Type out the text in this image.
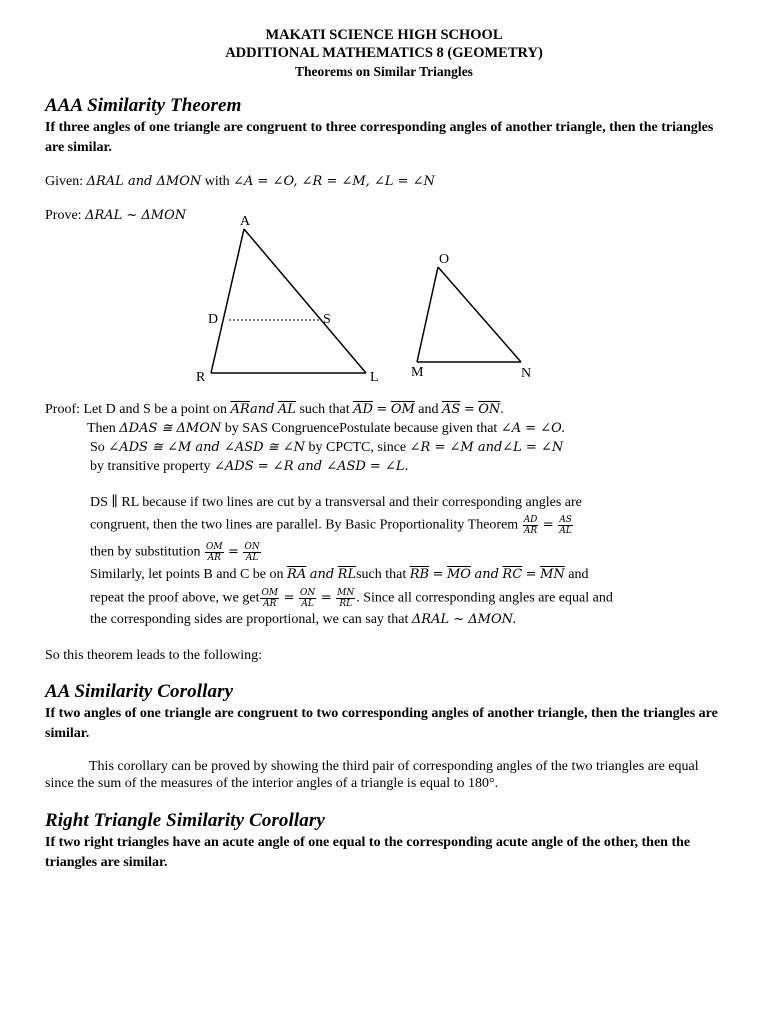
MAKATI SCIENCE HIGH SCHOOL
ADDITIONAL MATHEMATICS 8 (GEOMETRY)
Theorems on Similar Triangles
AAA Similarity Theorem
If three angles of one triangle are congruent to three corresponding angles of another triangle, then the triangles are similar.
Given: ΔRAL and ΔMON with ∠A = ∠O, ∠R = ∠M, ∠L = ∠N
Prove: ΔRAL ~ ΔMON	A
D	S
R	L
O
M	N
Proof: Let D and S be a point on $\overline{AR}and$ $\overline{AL}$ such that $\overline{AD} = \overline{OM}$ and $\overline{AS} = \overline{ON}$.
Then ΔDAS ≅ ΔMON by SAS CongruencePostulate because given that ∠A = ∠O.
So ∠ADS ≅ ∠M and ∠ASD ≅ ∠N by CPCTC, since ∠R = ∠M and∠L = ∠N
by transitive property ∠ADS = ∠R and ∠ASD = ∠L.
DS ∥ RL because if two lines are cut by a transversal and their corresponding angles are
congruent, then the two lines are parallel. By Basic Proportionality Theorem $\frac{AD}{AR} = \frac{AS}{AL}$
then by substitution $\frac{OM}{AR} = \frac{ON}{AL}$
Similarly, let points B and C be on $\overline{RA}$ and $\overline{RL}such$ that $\overline{RB} = \overline{MO}$ and $\overline{RC} = \overline{MN}$ and
repeat the proof above, we get $\frac{OM}{AR} = \frac{ON}{AL} = \frac{MN}{RL}$ . Since all corresponding angles are equal and
the corresponding sides are proportional, we can say that ΔRAL ~ ΔMON.
So this theorem leads to the following:
AA Similarity Corollary
If two angles of one triangle are congruent to two corresponding angles of another triangle, then the triangles are similar.
This corollary can be proved by showing the third pair of corresponding angles of the two triangles are equal since the sum of the measures of the interior angles of a triangle is equal to 180°.
Right Triangle Similarity Corollary
If two right triangles have an acute angle of one equal to the corresponding acute angle of the other, then the triangles are similar.
